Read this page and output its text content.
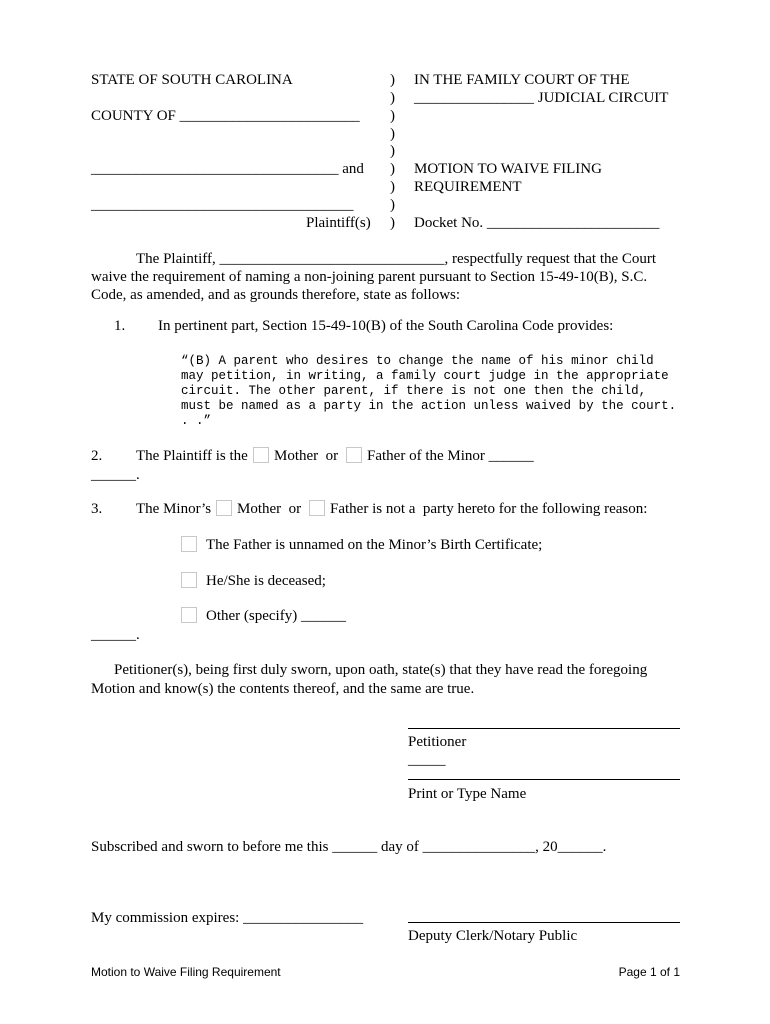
STATE OF SOUTH CAROLINA
COUNTY OF ________________________
_________________________________ and
___________________________________
Plaintiff(s)
)
)
)
)
)
)
)
)
)
IN THE FAMILY COURT OF THE
________________ JUDICIAL CIRCUIT
MOTION TO WAIVE FILING
REQUIREMENT
Docket No. _______________________
The Plaintiff, ______________________________, respectfully request that the Court
waive the requirement of naming a non-joining parent pursuant to Section 15-49-10(B), S.C.
Code, as amended, and as grounds therefore, state as follows:
1. In pertinent part, Section 15-49-10(B) of the South Carolina Code provides:
“(B) A parent who desires to change the name of his minor child
may petition, in writing, a family court judge in the appropriate
circuit. The other parent, if there is not one then the child,
must be named as a party in the action unless waived by the court.
. .”
2. The Plaintiff is the Mother  or Father of the Minor ______
______.
3. The Minor’s Mother  or Father is not a  party hereto for the following reason:
The Father is unnamed on the Minor’s Birth Certificate;
He/She is deceased;
Other (specify) ______
______.
Petitioner(s), being first duly sworn, upon oath, state(s) that they have read the foregoing
Motion and know(s) the contents thereof, and the same are true.
Petitioner
_____
Print or Type Name
Subscribed and sworn to before me this ______ day of _______________, 20______.
My commission expires: ________________
Deputy Clerk/Notary Public
Motion to Waive Filing Requirement	Page 1 of 1
